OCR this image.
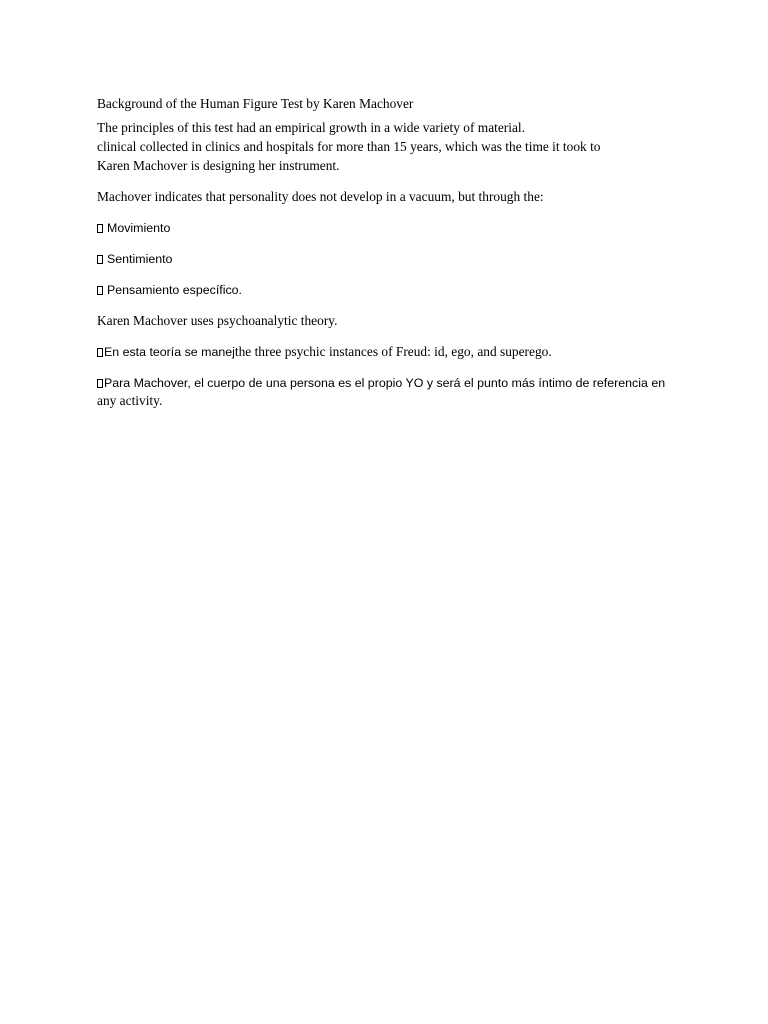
Background of the Human Figure Test by Karen Machover
The principles of this test had an empirical growth in a wide variety of material.
clinical collected in clinics and hospitals for more than 15 years, which was the time it took to
Karen Machover is designing her instrument.
Machover indicates that personality does not develop in a vacuum, but through the:
Movimiento
Sentimiento
Pensamiento específico.
Karen Machover uses psychoanalytic theory.
En esta teoría se manejthe three psychic instances of Freud: id, ego, and superego.
Para Machover, el cuerpo de una persona es el propio YO y será el punto más íntimo de referencia en
any activity.
